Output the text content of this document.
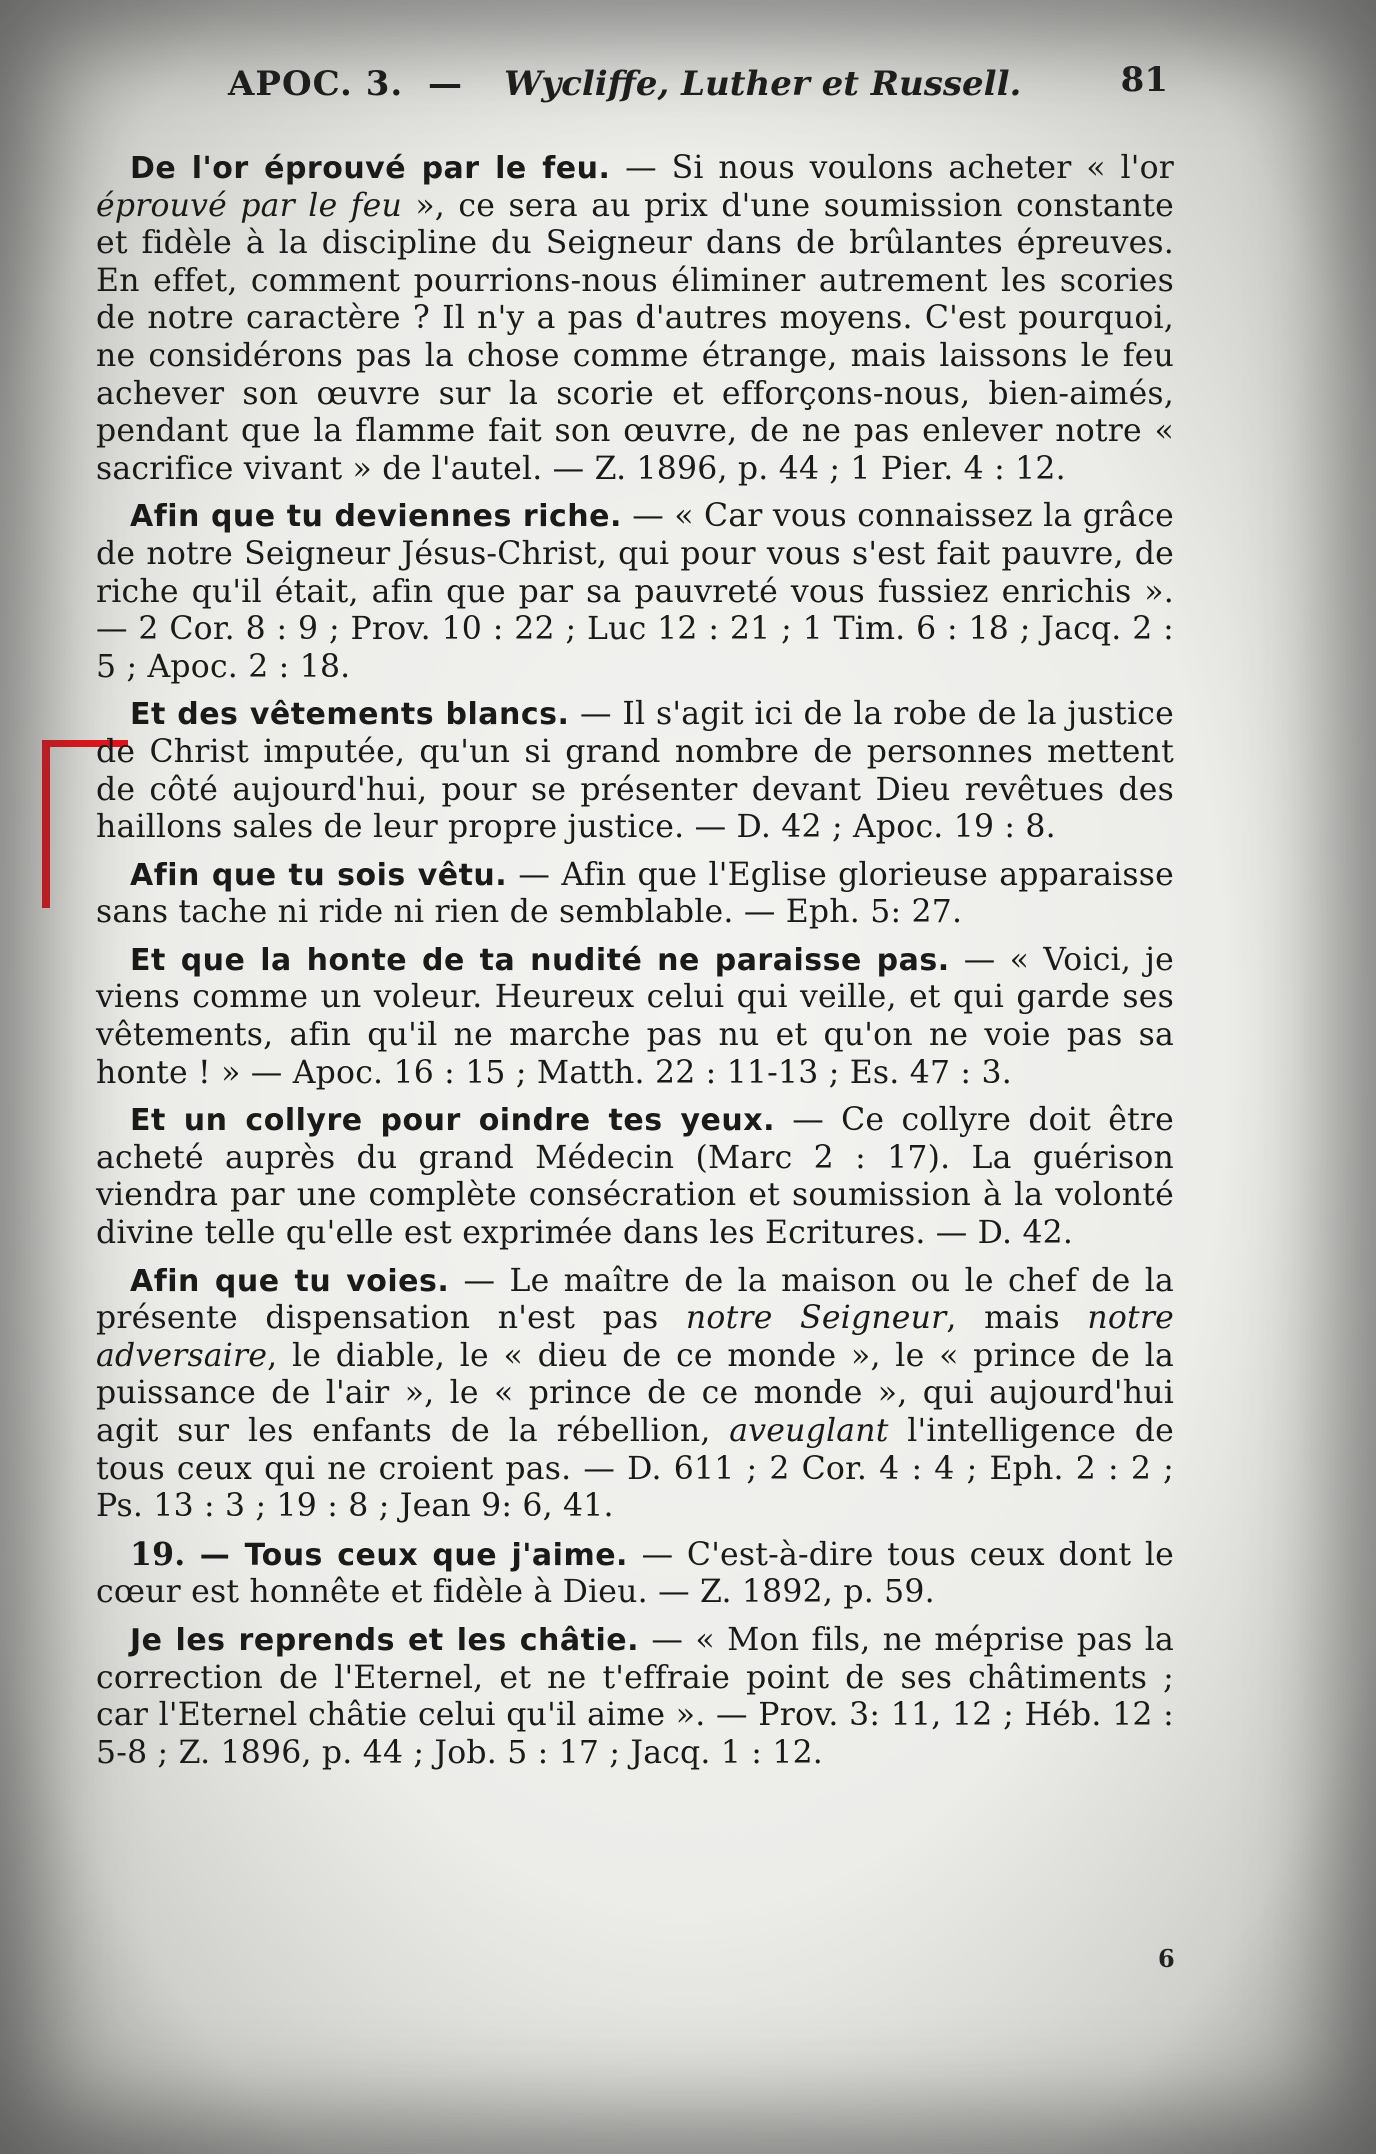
APOC. 3. — Wycliffe, Luther et Russell.	81

De l'or éprouvé par le feu. — Si nous voulons acheter « l'or éprouvé par le feu », ce sera au prix d'une soumission constante et fidèle à la discipline du Seigneur dans de brûlantes épreuves. En effet, comment pourrions-nous éliminer autrement les scories de notre caractère ? Il n'y a pas d'autres moyens. C'est pourquoi, ne considérons pas la chose comme étrange, mais laissons le feu achever son œuvre sur la scorie et efforçons-nous, bien-aimés, pendant que la flamme fait son œuvre, de ne pas enlever notre « sacrifice vivant » de l'autel. — Z. 1896, p. 44 ; 1 Pier. 4 : 12.

Afin que tu deviennes riche. — « Car vous connaissez la grâce de notre Seigneur Jésus-Christ, qui pour vous s'est fait pauvre, de riche qu'il était, afin que par sa pauvreté vous fussiez enrichis ». — 2 Cor. 8 : 9 ; Prov. 10 : 22 ; Luc 12 : 21 ; 1 Tim. 6 : 18 ; Jacq. 2 : 5 ; Apoc. 2 : 18.

Et des vêtements blancs. — Il s'agit ici de la robe de la justice de Christ imputée, qu'un si grand nombre de personnes mettent de côté aujourd'hui, pour se présenter devant Dieu revêtues des haillons sales de leur propre justice. — D. 42 ; Apoc. 19 : 8.

Afin que tu sois vêtu. — Afin que l'Eglise glorieuse apparaisse sans tache ni ride ni rien de semblable. — Eph. 5: 27.

Et que la honte de ta nudité ne paraisse pas. — « Voici, je viens comme un voleur. Heureux celui qui veille, et qui garde ses vêtements, afin qu'il ne marche pas nu et qu'on ne voie pas sa honte ! » — Apoc. 16 : 15 ; Matth. 22 : 11-13 ; Es. 47 : 3.

Et un collyre pour oindre tes yeux. — Ce collyre doit être acheté auprès du grand Médecin (Marc 2 : 17). La guérison viendra par une complète consécration et soumission à la volonté divine telle qu'elle est exprimée dans les Ecritures. — D. 42.

Afin que tu voies. — Le maître de la maison ou le chef de la présente dispensation n'est pas notre Seigneur, mais notre adversaire, le diable, le « dieu de ce monde », le « prince de la puissance de l'air », le « prince de ce monde », qui aujourd'hui agit sur les enfants de la rébellion, aveuglant l'intelligence de tous ceux qui ne croient pas. — D. 611 ; 2 Cor. 4 : 4 ; Eph. 2 : 2 ; Ps. 13 : 3 ; 19 : 8 ; Jean 9: 6, 41.

19. — Tous ceux que j'aime. — C'est-à-dire tous ceux dont le cœur est honnête et fidèle à Dieu. — Z. 1892, p. 59.

Je les reprends et les châtie. — « Mon fils, ne méprise pas la correction de l'Eternel, et ne t'effraie point de ses châtiments ; car l'Eternel châtie celui qu'il aime ». — Prov. 3: 11, 12 ; Héb. 12 : 5-8 ; Z. 1896, p. 44 ; Job. 5 : 17 ; Jacq. 1 : 12.

6
